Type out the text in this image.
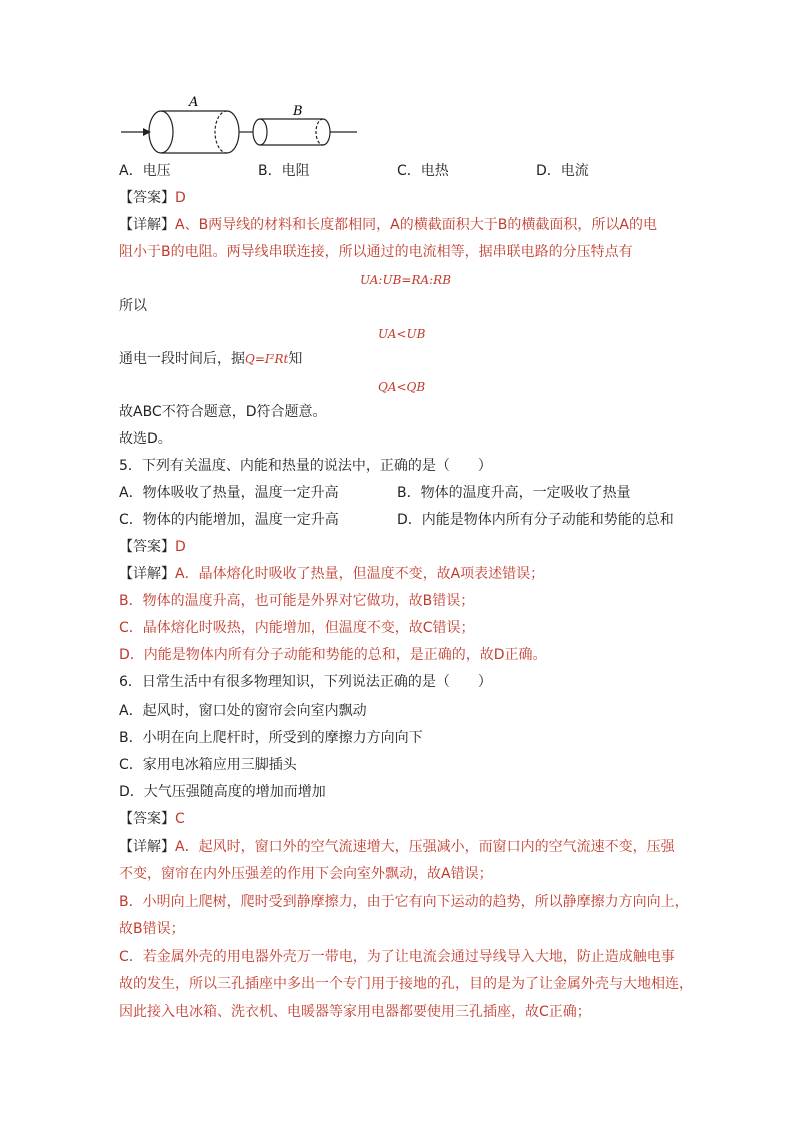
A
B
A．电压	B．电阻	C．电热	D．电流
【答案】D
【详解】A、B两导线的材料和长度都相同，A的横截面积大于B的横截面积，所以A的电
阻小于B的电阻。两导线串联连接，所以通过的电流相等，据串联电路的分压特点有
UA:UB=RA:RB
所以
UA<UB
通电一段时间后，据Q=I²Rt知
QA<QB
故ABC不符合题意，D符合题意。
故选D。
5．下列有关温度、内能和热量的说法中，正确的是（　　）
A．物体吸收了热量，温度一定升高	B．物体的温度升高，一定吸收了热量
C．物体的内能增加，温度一定升高	D．内能是物体内所有分子动能和势能的总和
【答案】D
【详解】A．晶体熔化时吸收了热量，但温度不变，故A项表述错误；
B．物体的温度升高，也可能是外界对它做功，故B错误；
C．晶体熔化时吸热，内能增加，但温度不变，故C错误；
D．内能是物体内所有分子动能和势能的总和，是正确的，故D正确。
6．日常生活中有很多物理知识，下列说法正确的是（　　）
A．起风时，窗口处的窗帘会向室内飘动
B．小明在向上爬杆时，所受到的摩擦力方向向下
C．家用电冰箱应用三脚插头
D．大气压强随高度的增加而增加
【答案】C
【详解】A．起风时，窗口外的空气流速增大，压强减小，而窗口内的空气流速不变，压强
不变，窗帘在内外压强差的作用下会向室外飘动，故A错误；
B．小明向上爬树，爬时受到静摩擦力，由于它有向下运动的趋势，所以静摩擦力方向向上，
故B错误；
C．若金属外壳的用电器外壳万一带电，为了让电流会通过导线导入大地，防止造成触电事
故的发生，所以三孔插座中多出一个专门用于接地的孔，目的是为了让金属外壳与大地相连，
因此接入电冰箱、洗衣机、电暖器等家用电器都要使用三孔插座，故C正确；
